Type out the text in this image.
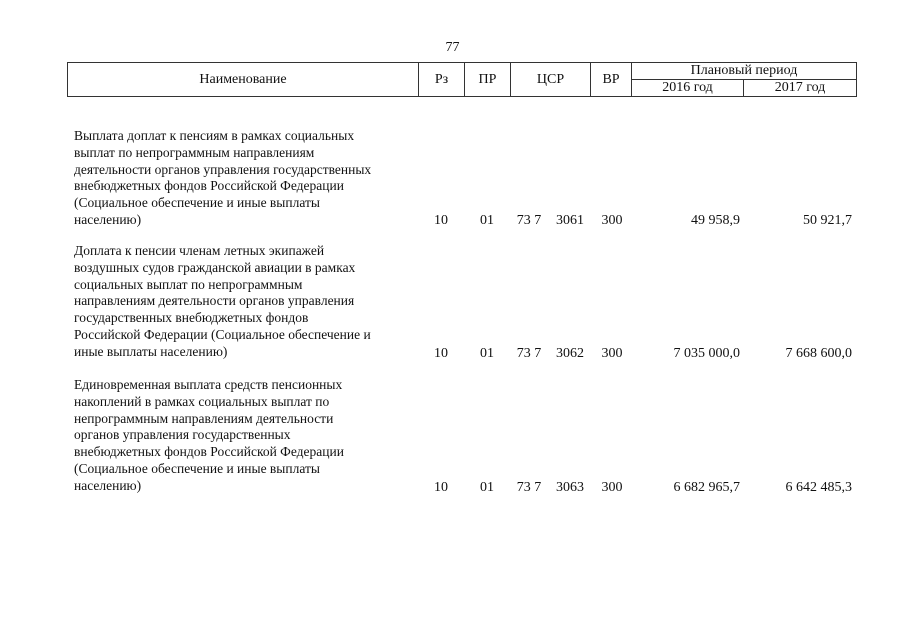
77
Наименование	Рз	ПР	ЦСР	ВР
Плановый период
2016 год	2017 год
Выплата доплат к пенсиям в рамках социальных
выплат по непрограммным направлениям
деятельности органов управления государственных
внебюджетных фондов Российской Федерации
(Социальное обеспечение и иные выплаты
населению)	10	01	73 7	3061	300	49 958,9	50 921,7
Доплата к пенсии членам летных экипажей
воздушных судов гражданской авиации в рамках
социальных выплат по непрограммным
направлениям деятельности органов управления
государственных внебюджетных фондов
Российской Федерации (Социальное обеспечение и
иные выплаты населению)	10	01	73 7	3062	300	7 035 000,0	7 668 600,0
Единовременная выплата средств пенсионных
накоплений в рамках социальных выплат по
непрограммным направлениям деятельности
органов управления государственных
внебюджетных фондов Российской Федерации
(Социальное обеспечение и иные выплаты
населению)	10	01	73 7	3063	300	6 682 965,7	6 642 485,3
